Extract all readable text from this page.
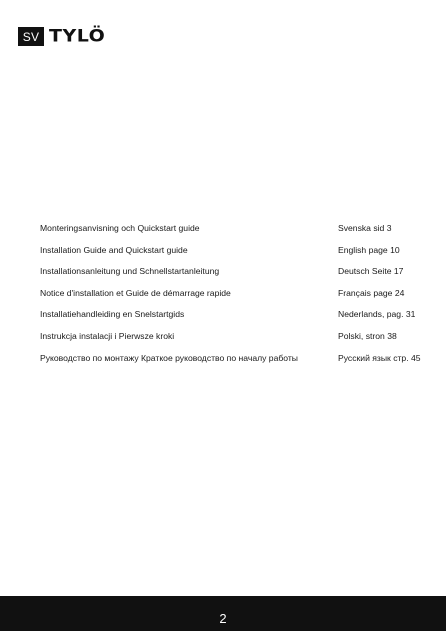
SV TYLÖ
Monteringsanvisning och Quickstart guide	Svenska sid 3
Installation Guide and Quickstart guide	English page 10
Installationsanleitung und Schnellstartanleitung	Deutsch Seite 17
Notice d'installation et Guide de démarrage rapide	Français page 24
Installatiehandleiding en Snelstartgids	Nederlands, pag. 31
Instrukcja instalacji i Pierwsze kroki	Polski, stron 38
Руководство по монтажу Краткое руководство по началу работы	Русский язык стр. 45
2
